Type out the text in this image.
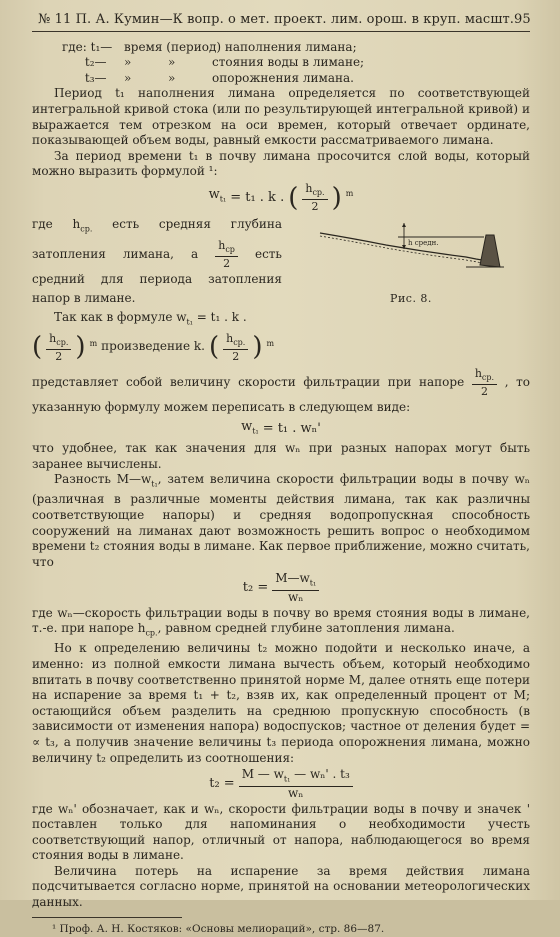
№ 11 П. А. Кумин—К вопр. о мет. проект. лим. орош. в круп. масшт. 95
где: t₁— время (период) наполнения лимана;
t₂—	»	»	стояния воды в лимане;
t₃—	»	»	опорожнения лимана.

Период t₁ наполнения лимана определяется по соответствующей интегральной кривой стока (или по результирующей интегральной кривой) и выражается тем отрезком на оси времен, который отвечает ординате, показывающей объем воды, равный емкости рассматриваемого лимана.

За период времени t₁ в почву лимана просочится слой воды, который можно выразить формулой ¹:

$w_{t_1} = t_1$ . k . ( $\frac{h_{ср.}}{2}$ ) $^m$

где $h_{ср.}$ есть средняя глубина затопления лимана, а $\frac{h_{ср}}{2}$ есть средний для периода затопления напор в лимане.

Так как в формуле $w_{t_1} = t_1$ . k .

( $\frac{h_{ср.}}{2}$ ) $^m$ произведение k. ( $\frac{h_{ср.}}{2}$ ) $^m$
h средн.
Рис. 8.

представляет собой величину скорости фильтрации при напоре $\frac{h_{ср.}}{2}$ , то указанную формулу можем переписать в следующем виде:

$w_{t_1} = t_1$ . wₙ'

что удобнее, так как значения для wₙ при разных напорах могут быть заранее вычислены.

Разность $M—w_{t_1}$, затем величина скорости фильтрации воды в почву wₙ (различная в различные моменты действия лимана, так как различны соответствующие напоры) и средняя водопропускная способность сооружений на лиманах дают возможность решить вопрос о необходимом времени t₂ стояния воды в лимане. Как первое приближение, можно считать, что

$t_2 = \frac{M—w_{t_1}}{\text{wₙ}}$

где wₙ—скорость фильтрации воды в почву во время стояния воды в лимане, т.-е. при напоре $h_{ср.}$, равном средней глубине затопления лимана.

Но к определению величины t₂ можно подойти и несколько иначе, а именно: из полной емкости лимана вычесть объем, который необходимо впитать в почву соответственно принятой норме M, далее отнять еще потери на испарение за время t₁ + t₂, взяв их, как определенный процент от M; остающийся объем разделить на среднюю пропускную способность (в зависимости от изменения напора) водоспусков; частное от деления будет = ∝ t₃, а получив значение величины t₃ периода опорожнения лимана, можно величину t₂ определить из соотношения:

$t_2 = \frac{M — w_{t_1} — w_n' . t_3}{\text{wₙ}}$

где wₙ' обозначает, как и wₙ, скорости фильтрации воды в почву и значек ' поставлен только для напоминания о необходимости учесть соответствующий напор, отличный от напора, наблюдающегося во время стояния воды в лимане.

Величина потерь на испарение за время действия лимана подсчитывается согласно норме, принятой на основании метеорологических данных.

¹ Проф. А. Н. Костяков: «Основы мелиораций», стр. 86—87.
